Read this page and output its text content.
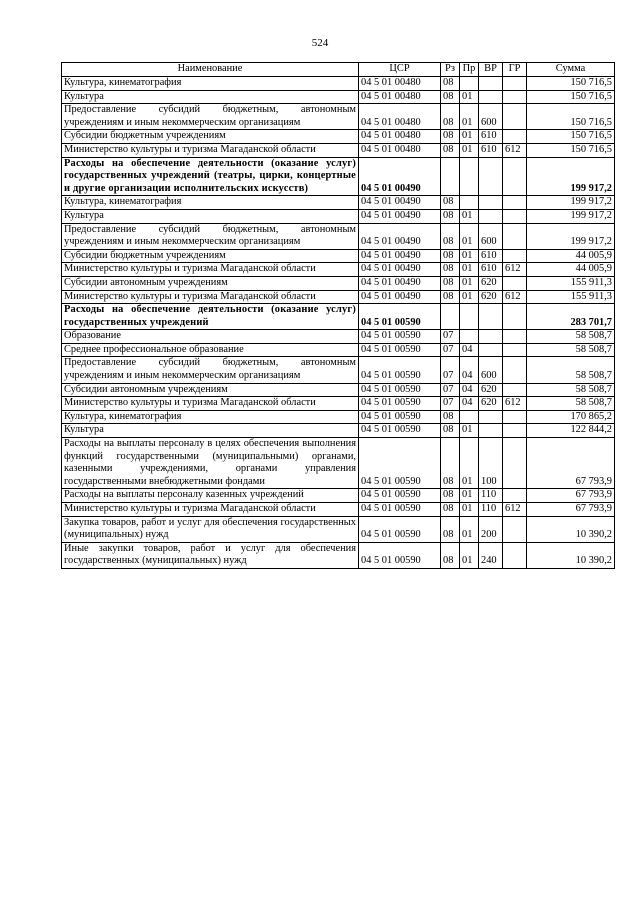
524
Наименование	ЦСР	Рз	Пр	ВР	ГР	Сумма
Культура, кинематография	04 5 01 00480	08				150 716,5
Культура	04 5 01 00480	08	01			150 716,5
Предоставление субсидий бюджетным, автономным учреждениям и иным некоммерческим организациям	04 5 01 00480	08	01	600		150 716,5
Субсидии бюджетным учреждениям	04 5 01 00480	08	01	610		150 716,5
Министерство культуры и туризма Магаданской области	04 5 01 00480	08	01	610	612	150 716,5
Расходы на обеспечение деятельности (оказание услуг) государственных учреждений (театры, цирки, концертные и другие организации исполнительских искусств)	04 5 01 00490					199 917,2
Культура, кинематография	04 5 01 00490	08				199 917,2
Культура	04 5 01 00490	08	01			199 917,2
Предоставление субсидий бюджетным, автономным учреждениям и иным некоммерческим организациям	04 5 01 00490	08	01	600		199 917,2
Субсидии бюджетным учреждениям	04 5 01 00490	08	01	610		44 005,9
Министерство культуры и туризма Магаданской области	04 5 01 00490	08	01	610	612	44 005,9
Субсидии автономным учреждениям	04 5 01 00490	08	01	620		155 911,3
Министерство культуры и туризма Магаданской области	04 5 01 00490	08	01	620	612	155 911,3
Расходы на обеспечение деятельности (оказание услуг) государственных учреждений	04 5 01 00590					283 701,7
Образование	04 5 01 00590	07				58 508,7
Среднее профессиональное образование	04 5 01 00590	07	04			58 508,7
Предоставление субсидий бюджетным, автономным учреждениям и иным некоммерческим организациям	04 5 01 00590	07	04	600		58 508,7
Субсидии автономным учреждениям	04 5 01 00590	07	04	620		58 508,7
Министерство культуры и туризма Магаданской области	04 5 01 00590	07	04	620	612	58 508,7
Культура, кинематография	04 5 01 00590	08				170 865,2
Культура	04 5 01 00590	08	01			122 844,2
Расходы на выплаты персоналу в целях обеспечения выполнения функций государственными (муниципальными) органами, казенными учреждениями, органами управления государственными внебюджетными фондами	04 5 01 00590	08	01	100		67 793,9
Расходы на выплаты персоналу казенных учреждений	04 5 01 00590	08	01	110		67 793,9
Министерство культуры и туризма Магаданской области	04 5 01 00590	08	01	110	612	67 793,9
Закупка товаров, работ и услуг для обеспечения государственных (муниципальных) нужд	04 5 01 00590	08	01	200		10 390,2
Иные закупки товаров, работ и услуг для обеспечения государственных (муниципальных) нужд	04 5 01 00590	08	01	240		10 390,2
